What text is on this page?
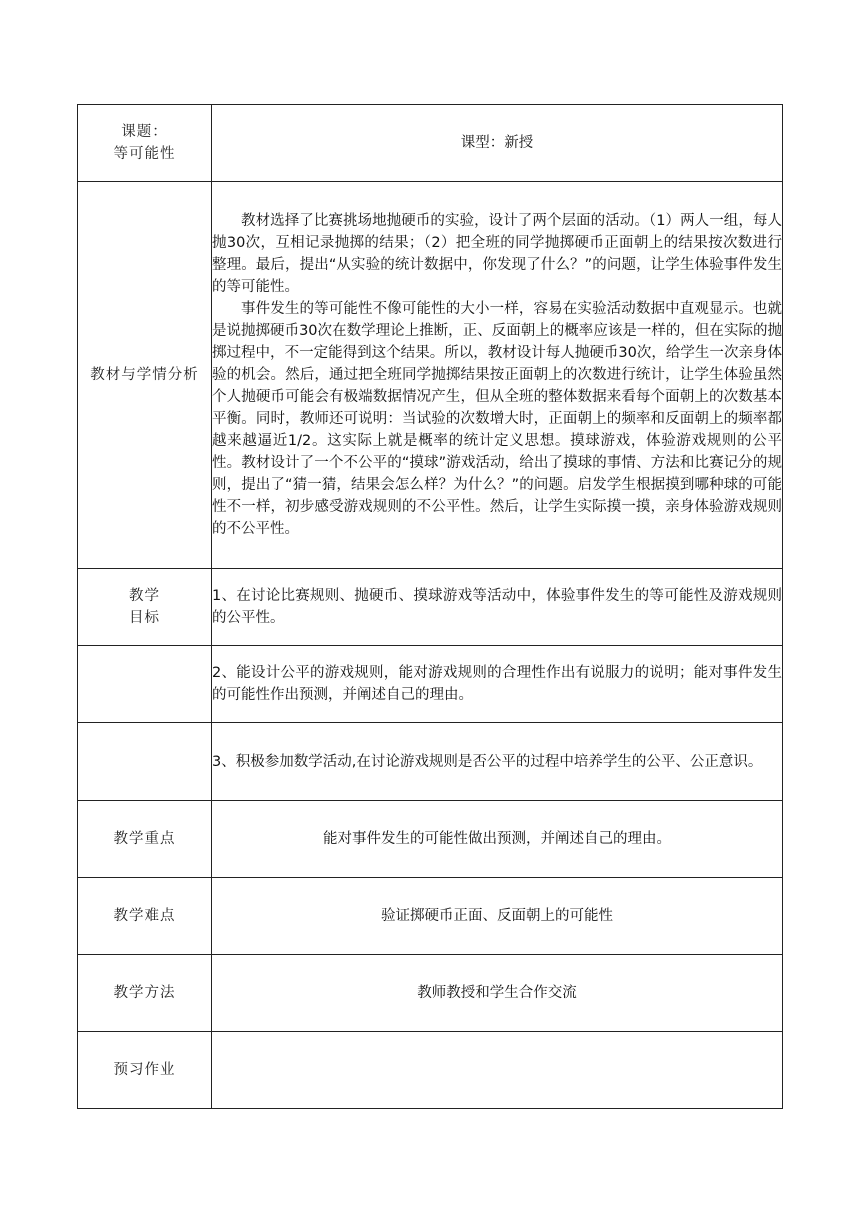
课题：
等可能性	课型：新授

教材与学情分析	教材选择了比赛挑场地抛硬币的实验，设计了两个层面的活动。（1）两人一组，每人抛30次，互相记录抛掷的结果；（2）把全班的同学抛掷硬币正面朝上的结果按次数进行整理。最后，提出“从实验的统计数据中，你发现了什么？”的问题，让学生体验事件发生的等可能性。

事件发生的等可能性不像可能性的大小一样，容易在实验活动数据中直观显示。也就是说抛掷硬币30次在数学理论上推断，正、反面朝上的概率应该是一样的，但在实际的抛掷过程中，不一定能得到这个结果。所以，教材设计每人抛硬币30次，给学生一次亲身体验的机会。然后，通过把全班同学抛掷结果按正面朝上的次数进行统计，让学生体验虽然个人抛硬币可能会有极端数据情况产生，但从全班的整体数据来看每个面朝上的次数基本平衡。同时，教师还可说明：当试验的次数增大时，正面朝上的频率和反面朝上的频率都越来越逼近1/2。这实际上就是概率的统计定义思想。摸球游戏，体验游戏规则的公平性。教材设计了一个不公平的“摸球”游戏活动，给出了摸球的事情、方法和比赛记分的规则，提出了“猜一猜，结果会怎么样？为什么？”的问题。启发学生根据摸到哪种球的可能性不一样，初步感受游戏规则的不公平性。然后，让学生实际摸一摸，亲身体验游戏规则的不公平性。

教学
目标	1、在讨论比赛规则、抛硬币、摸球游戏等活动中，体验事件发生的等可能性及游戏规则的公平性。
	2、能设计公平的游戏规则，能对游戏规则的合理性作出有说服力的说明；能对事件发生的可能性作出预测，并阐述自己的理由。
	3、积极参加数学活动,在讨论游戏规则是否公平的过程中培养学生的公平、公正意识。
教学重点	能对事件发生的可能性做出预测，并阐述自己的理由。
教学难点	验证掷硬币正面、反面朝上的可能性
教学方法	教师教授和学生合作交流
预习作业	
